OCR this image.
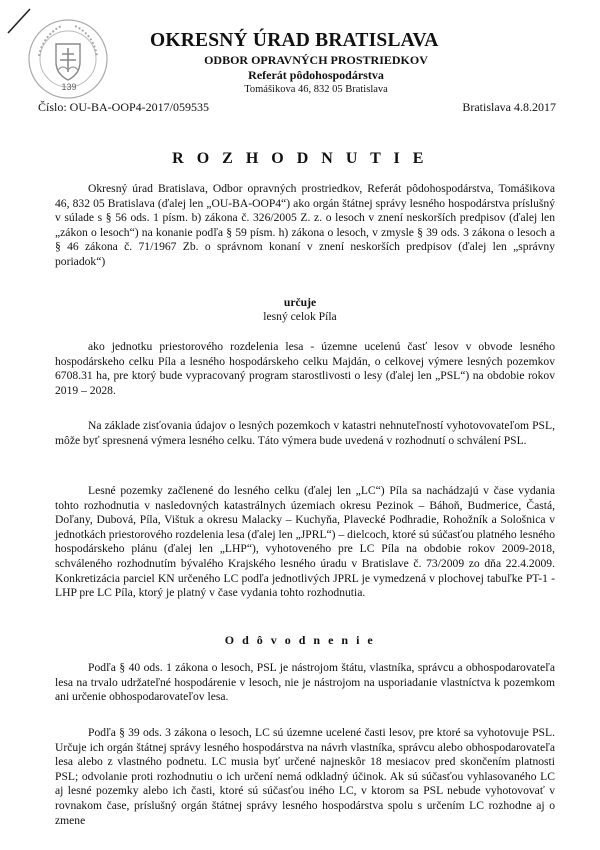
139
OKRESNÝ ÚRAD BRATISLAVA
ODBOR OPRAVNÝCH PROSTRIEDKOV
Referát pôdohospodárstva
Tomášikova 46, 832 05 Bratislava
Číslo: OU-BA-OOP4-2017/059535	Bratislava 4.8.2017
R O Z H O D N U T I E
Okresný úrad Bratislava, Odbor opravných prostriedkov, Referát pôdohospodárstva, Tomášikova 46, 832 05 Bratislava (ďalej len „OU-BA-OOP4“) ako orgán štátnej správy lesného hospodárstva príslušný v súlade s § 56 ods. 1 písm. b) zákona č. 326/2005 Z. z. o lesoch v znení neskorších predpisov (ďalej len „zákon o lesoch“) na konanie podľa § 59 písm. h) zákona o lesoch, v zmysle § 39 ods. 3 zákona o lesoch a § 46 zákona č. 71/1967 Zb. o správnom konaní v znení neskorších predpisov (ďalej len „správny poriadok“)
určuje
lesný celok Píla
ako jednotku priestorového rozdelenia lesa - územne ucelenú časť lesov v obvode lesného hospodárskeho celku Píla a lesného hospodárskeho celku Majdán, o celkovej výmere lesných pozemkov 6708.31 ha, pre ktorý bude vypracovaný program starostlivosti o lesy (ďalej len „PSL“) na obdobie rokov 2019 – 2028.
Na základe zisťovania údajov o lesných pozemkoch v katastri nehnuteľností vyhotovovateľom PSL, môže byť spresnená výmera lesného celku. Táto výmera bude uvedená v rozhodnutí o schválení PSL.
Lesné pozemky začlenené do lesného celku (ďalej len „LC“) Píla sa nachádzajú v čase vydania tohto rozhodnutia v nasledovných katastrálnych územiach okresu Pezinok – Báhoň, Budmerice, Častá, Doľany, Dubová, Píla, Vištuk a okresu Malacky – Kuchyňa, Plavecké Podhradie, Rohožník a Sološnica v jednotkách priestorového rozdelenia lesa (ďalej len „JPRL“) – dielcoch, ktoré sú súčasťou platného lesného hospodárskeho plánu (ďalej len „LHP“), vyhotoveného pre LC Píla na obdobie rokov 2009-2018, schváleného rozhodnutím bývalého Krajského lesného úradu v Bratislave č. 73/2009 zo dňa 22.4.2009. Konkretizácia parciel KN určeného LC podľa jednotlivých JPRL je vymedzená v plochovej tabuľke PT-1 - LHP pre LC Píla, ktorý je platný v čase vydania tohto rozhodnutia.
O d ô v o d n e n i e
Podľa § 40 ods. 1 zákona o lesoch, PSL je nástrojom štátu, vlastníka, správcu a obhospodarovateľa lesa na trvalo udržateľné hospodárenie v lesoch, nie je nástrojom na usporiadanie vlastníctva k pozemkom ani určenie obhospodarovateľov lesa.
Podľa § 39 ods. 3 zákona o lesoch, LC sú územne ucelené časti lesov, pre ktoré sa vyhotovuje PSL. Určuje ich orgán štátnej správy lesného hospodárstva na návrh vlastníka, správcu alebo obhospodarovateľa lesa alebo z vlastného podnetu. LC musia byť určené najneskôr 18 mesiacov pred skončením platnosti PSL; odvolanie proti rozhodnutiu o ich určení nemá odkladný účinok. Ak sú súčasťou vyhlasovaného LC aj lesné pozemky alebo ich časti, ktoré sú súčasťou iného LC, v ktorom sa PSL nebude vyhotovovať v rovnakom čase, príslušný orgán štátnej správy lesného hospodárstva spolu s určením LC rozhodne aj o zmene
